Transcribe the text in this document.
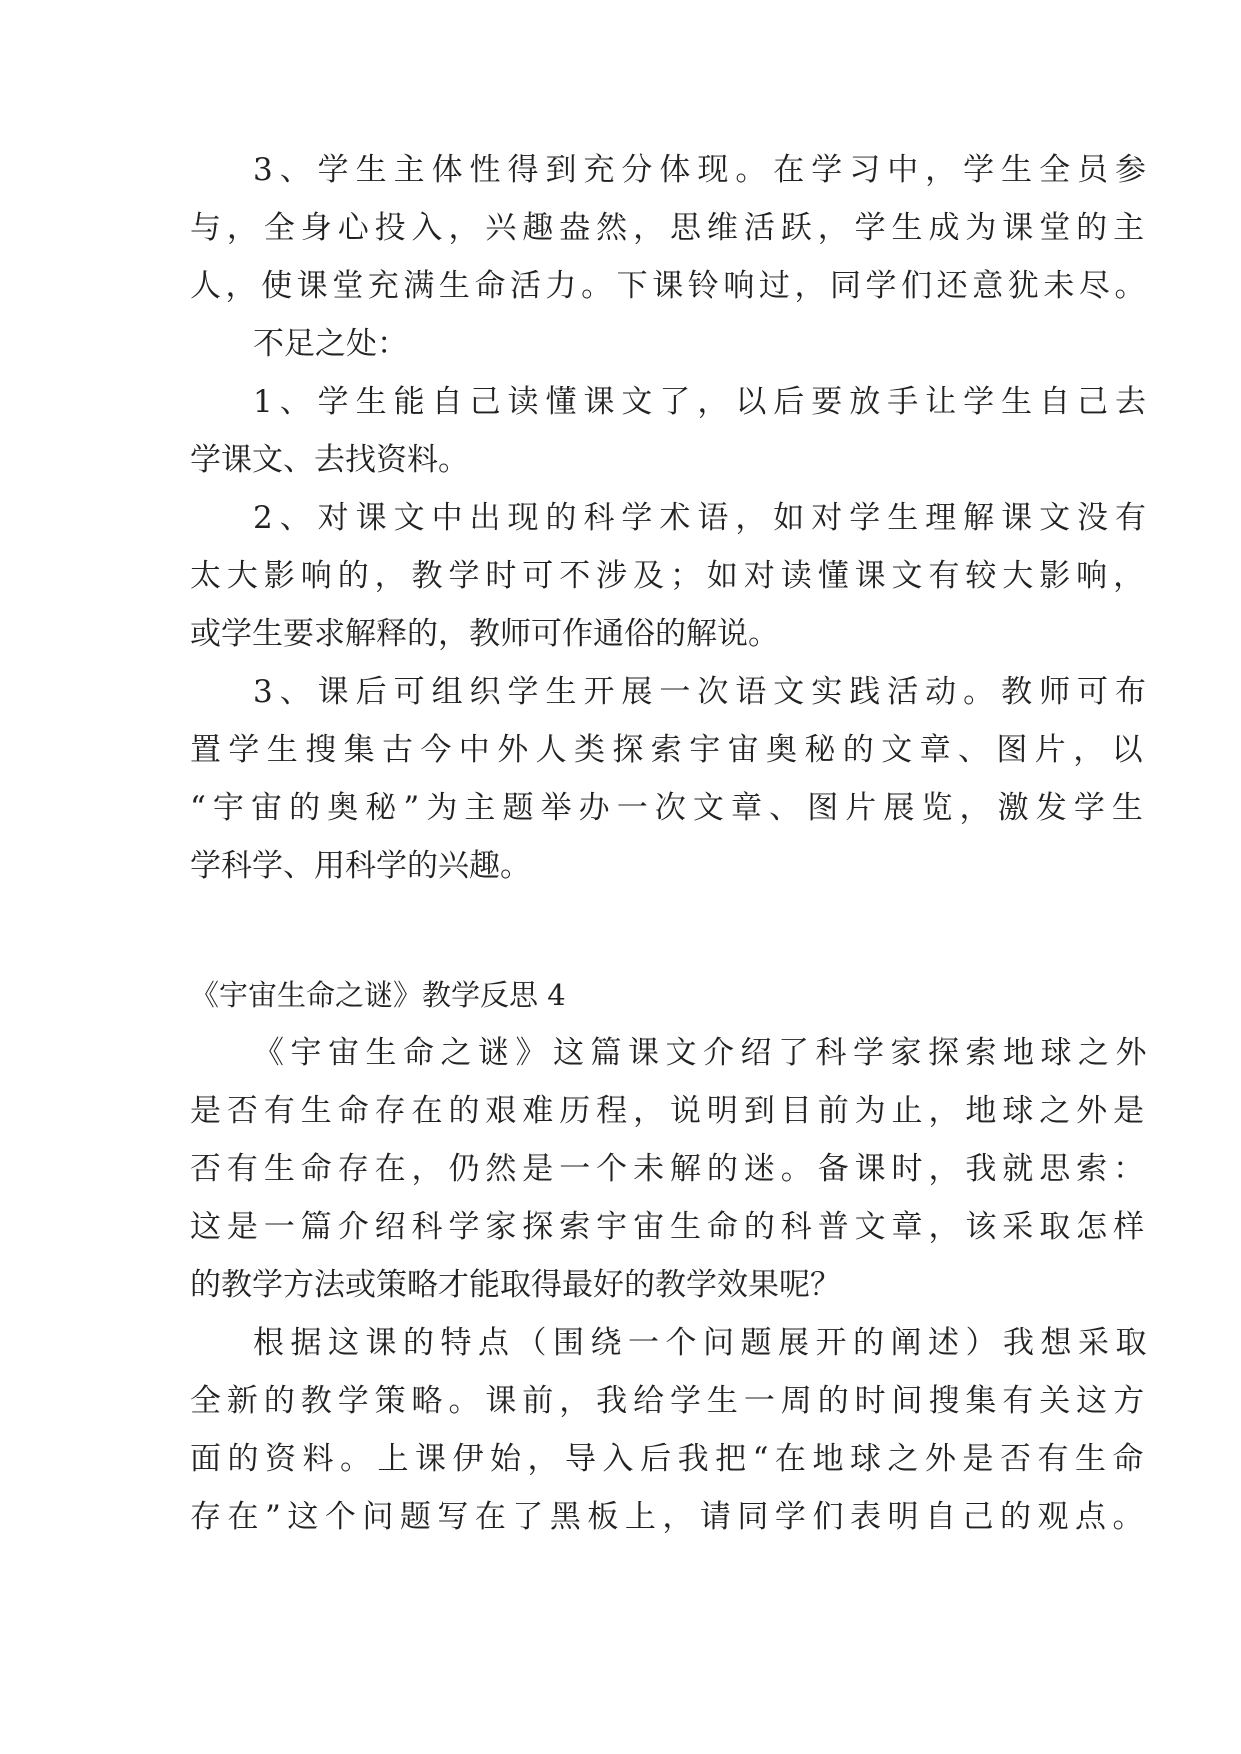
3、学生主体性得到充分体现。在学习中，学生全员参
与，全身心投入，兴趣盎然，思维活跃，学生成为课堂的主
人，使课堂充满生命活力。下课铃响过，同学们还意犹未尽。
不足之处：
1、学生能自己读懂课文了，以后要放手让学生自己去
学课文、去找资料。
2、对课文中出现的科学术语，如对学生理解课文没有
太大影响的，教学时可不涉及；如对读懂课文有较大影响，
或学生要求解释的，教师可作通俗的解说。
3、课后可组织学生开展一次语文实践活动。教师可布
置学生搜集古今中外人类探索宇宙奥秘的文章、图片，以
“宇宙的奥秘”为主题举办一次文章、图片展览，激发学生
学科学、用科学的兴趣。
《宇宙生命之谜》教学反思 4
《宇宙生命之谜》这篇课文介绍了科学家探索地球之外
是否有生命存在的艰难历程，说明到目前为止，地球之外是
否有生命存在，仍然是一个未解的迷。备课时，我就思索：
这是一篇介绍科学家探索宇宙生命的科普文章，该采取怎样
的教学方法或策略才能取得最好的教学效果呢？
根据这课的特点（围绕一个问题展开的阐述）我想采取
全新的教学策略。课前，我给学生一周的时间搜集有关这方
面的资料。上课伊始，导入后我把“在地球之外是否有生命
存在”这个问题写在了黑板上，请同学们表明自己的观点。
